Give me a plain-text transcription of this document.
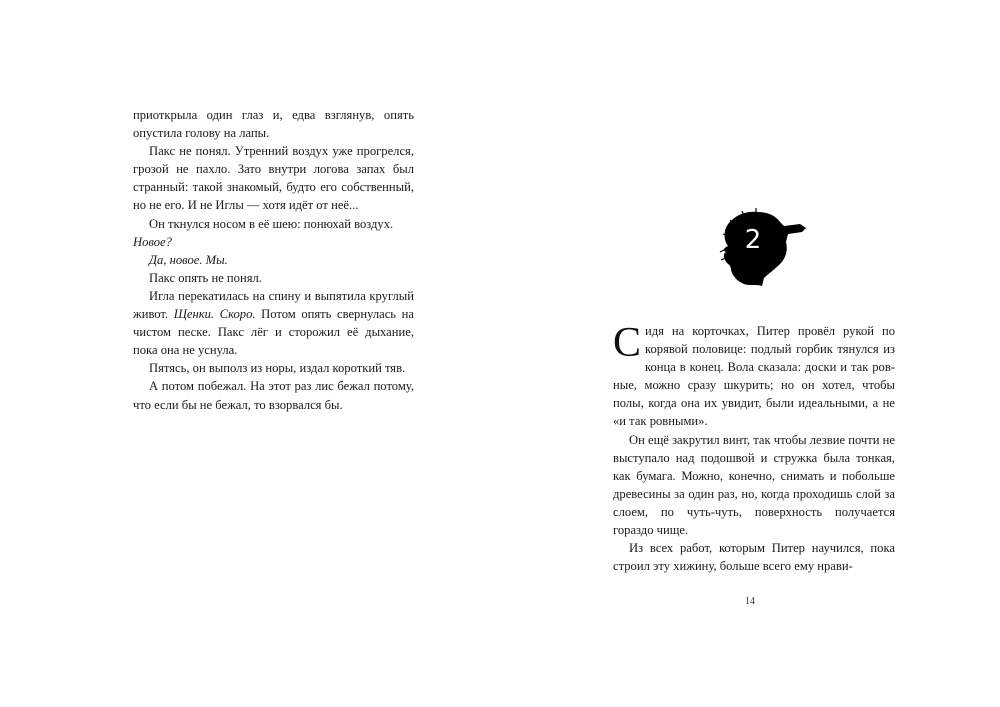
приоткрыла один глаз и, едва взглянув, опять опустила голову на лапы.

Пакс не понял. Утренний воздух уже прогрелся, грозой не пахло. Зато внутри логова запах был странный: такой знакомый, будто его собственный, но не его. И не Иглы — хотя идёт от неё...

Он ткнулся носом в её шею: понюхай воздух.

Новое?

Да, новое. Мы.

Пакс опять не понял.

Игла перекатилась на спину и выпятила круглый живот. Щенки. Скоро. Потом опять свернулась на чистом песке. Пакс лёг и сторожил её дыхание, пока она не уснула.

Пятясь, он выполз из норы, издал короткий тяв.

А потом побежал. На этот раз лис бежал потому, что если бы не бежал, то взорвался бы.

2

Сидя на корточках, Питер провёл рукой по корявой половице: подлый горбик тянулся из конца в конец. Вола сказала: доски и так ровные, можно сразу шкурить; но он хотел, чтобы полы, когда она их увидит, были идеальными, а не «и так ровными».

Он ещё закрутил винт, так чтобы лезвие почти не выступало над подошвой и стружка была тонкая, как бумага. Можно, конечно, снимать и побольше древесины за один раз, но, когда проходишь слой за слоем, по чуть-чуть, поверхность получается гораздо чище.

Из всех работ, которым Питер научился, пока строил эту хижину, больше всего ему нрави-

14
